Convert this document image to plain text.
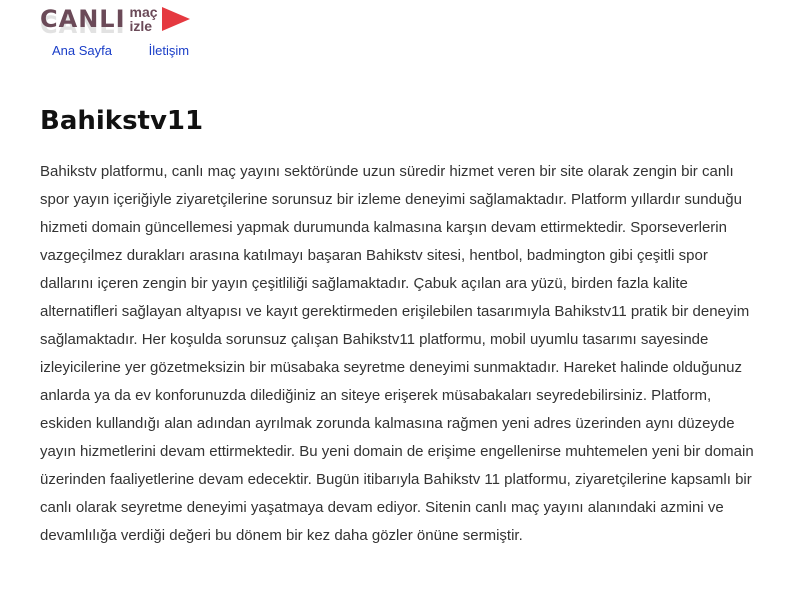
CANLI maç
izle
Ana Sayfa	İletişim
Bahikstv11

Bahikstv platformu, canlı maç yayını sektöründe uzun süredir hizmet veren bir site olarak zengin bir canlı spor yayın içeriğiyle ziyaretçilerine sorunsuz bir izleme deneyimi sağlamaktadır. Platform yıllardır sunduğu hizmeti domain güncellemesi yapmak durumunda kalmasına karşın devam ettirmektedir. Sporseverlerin vazgeçilmez durakları arasına katılmayı başaran Bahikstv sitesi, hentbol, badmington gibi çeşitli spor dallarını içeren zengin bir yayın çeşitliliği sağlamaktadır. Çabuk açılan ara yüzü, birden fazla kalite alternatifleri sağlayan altyapısı ve kayıt gerektirmeden erişilebilen tasarımıyla Bahikstv11 pratik bir deneyim sağlamaktadır. Her koşulda sorunsuz çalışan Bahikstv11 platformu, mobil uyumlu tasarımı sayesinde izleyicilerine yer gözetmeksizin bir müsabaka seyretme deneyimi sunmaktadır. Hareket halinde olduğunuz anlarda ya da ev konforunuzda dilediğiniz an siteye erişerek müsabakaları seyredebilirsiniz. Platform, eskiden kullandığı alan adından ayrılmak zorunda kalmasına rağmen yeni adres üzerinden aynı düzeyde yayın hizmetlerini devam ettirmektedir. Bu yeni domain de erişime engellenirse muhtemelen yeni bir domain üzerinden faaliyetlerine devam edecektir. Bugün itibarıyla Bahikstv 11 platformu, ziyaretçilerine kapsamlı bir canlı olarak seyretme deneyimi yaşatmaya devam ediyor. Sitenin canlı maç yayını alanındaki azmini ve devamlılığa verdiği değeri bu dönem bir kez daha gözler önüne sermiştir.
